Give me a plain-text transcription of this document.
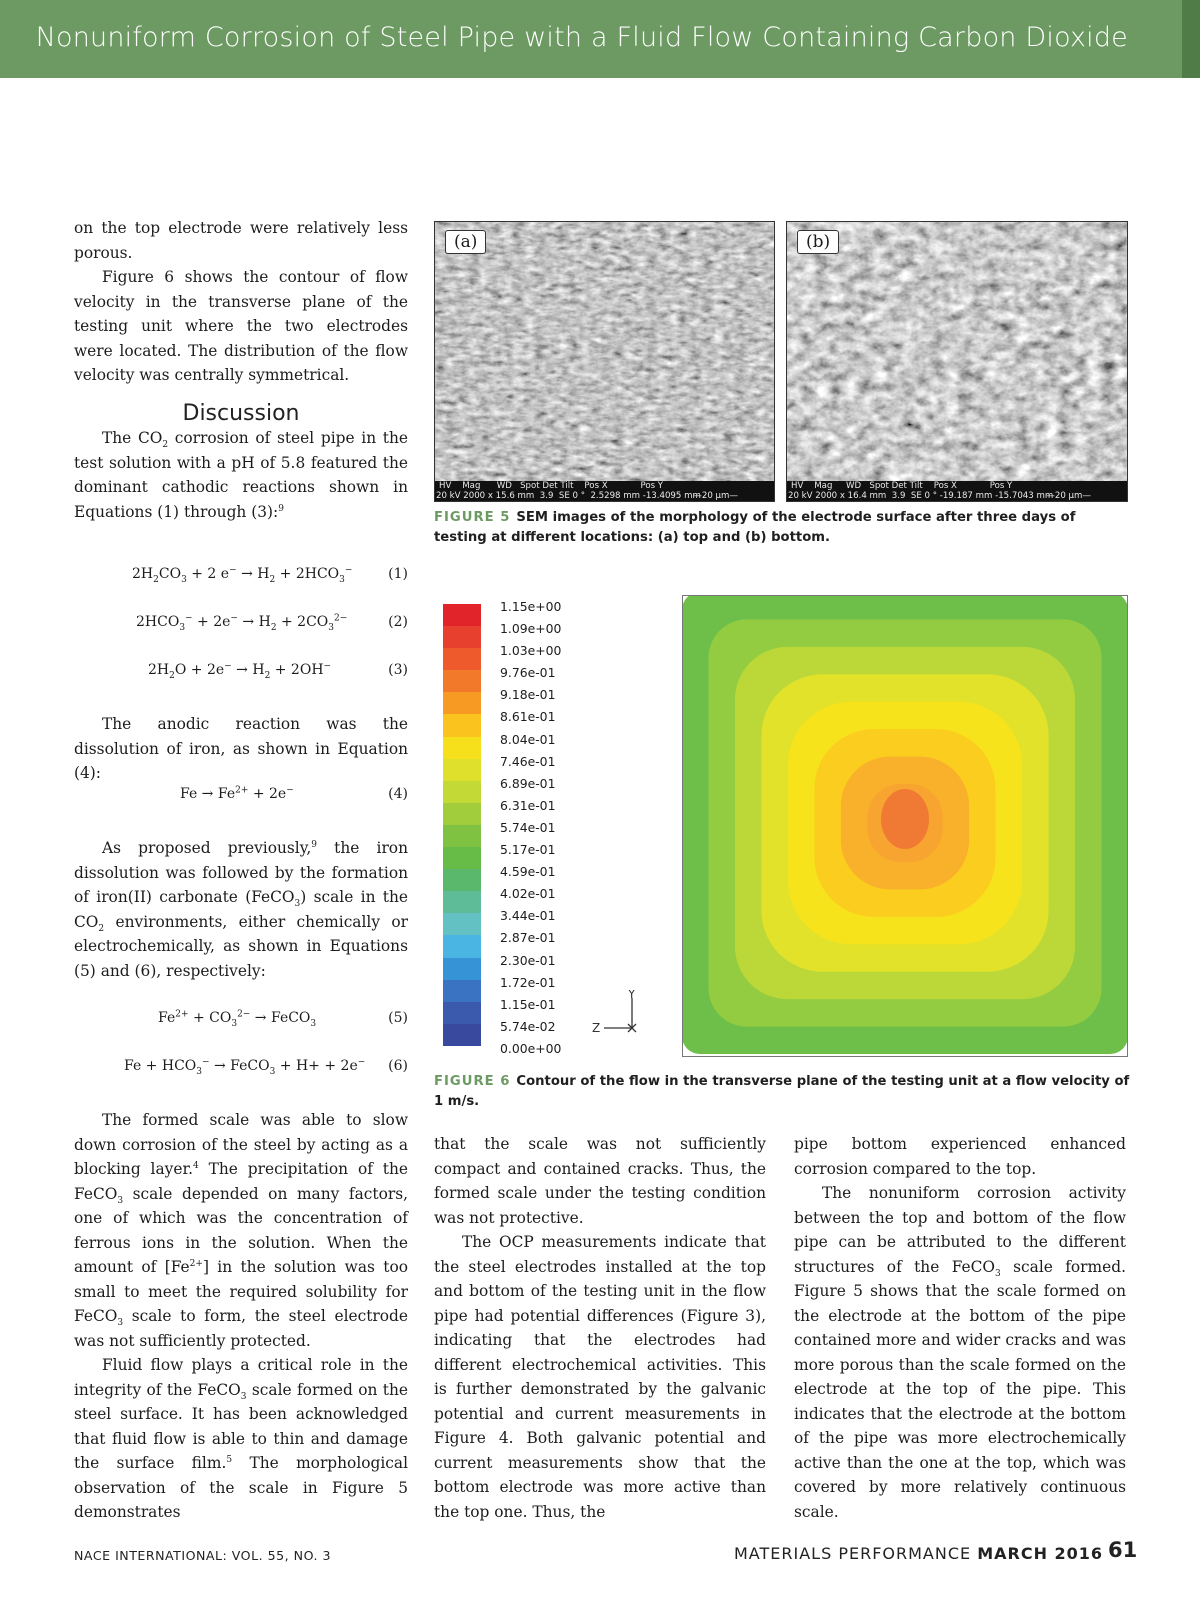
Nonuniform Corrosion of Steel Pipe with a Fluid Flow Containing Carbon Dioxide

on the top electrode were relatively less porous.

Figure 6 shows the contour of flow velocity in the transverse plane of the testing unit where the two electrodes were located. The distribution of the flow velocity was centrally symmetrical.

Discussion

The $CO_2$ corrosion of steel pipe in the test solution with a pH of 5.8 featured the dominant cathodic reactions shown in Equations (1) through (3):$^9$

$2H_2CO_3 + 2$ $e^- \to H_2 + 2HCO_3^-$	(1)
$2HCO_3^- + 2e^- \to H_2 + 2CO_3^{2-}$	(2)
$2H_2O + 2e^- \to H_2 + 2OH^-$	(3)

The anodic reaction was the dissolution of iron, as shown in Equation (4):

$Fe \to Fe^{2+} + 2e^-$	(4)

As proposed previously,$^9$ the iron dissolution was followed by the formation of iron(II) carbonate (FeCO$_3$) scale in the $CO_2$ environments, either chemically or electrochemically, as shown in Equations (5) and (6), respectively:

$Fe^{2+} + CO_3^{2-}$ → FeCO$_3$	(5)
$Fe + HCO_3^-$ → FeCO$_3$ + H+ + 2e− (6)

The formed scale was able to slow down corrosion of the steel by acting as a blocking layer.$^4$ The precipitation of the FeCO$_3$ scale depended on many factors, one of which was the concentration of ferrous ions in the solution. When the amount of $[Fe^{2+}]$ in the solution was too small to meet the required solubility for FeCO$_3$ scale to form, the steel electrode was not sufficiently protected.

Fluid flow plays a critical role in the integrity of the FeCO$_3$ scale formed on the steel surface. It has been acknowledged that fluid flow is able to thin and damage the surface film.$^5$ The morphological observation of the scale in Figure 5 demonstrates

that the scale was not sufficiently compact and contained cracks. Thus, the formed scale under the testing condition was not protective.

The OCP measurements indicate that the steel electrodes installed at the top and bottom of the testing unit in the flow pipe had potential differences (Figure 3), indicating that the electrodes had different electrochemical activities. This is further demonstrated by the galvanic potential and current measurements in Figure 4. Both galvanic potential and current measurements show that the bottom electrode was more active than the top one. Thus, the

pipe bottom experienced enhanced corrosion compared to the top.

The nonuniform corrosion activity between the top and bottom of the flow pipe can be attributed to the different structures of the FeCO$_3$ scale formed. Figure 5 shows that the scale formed on the electrode at the bottom of the pipe contained more and wider cracks and was more porous than the scale formed on the electrode at the top of the pipe. This indicates that the electrode at the bottom of the pipe was more electrochemically active than the one at the top, which was covered by more relatively continuous scale.

(a)
HV    Mag      WD   Spot Det Tilt    Pos X            Pos Y
20 kV 2000 x 15.6 mm  3.9  SE 0 °  2.5298 mm -13.4095 mm
—20 μm—
(b)
HV    Mag     WD   Spot Det Tilt    Pos X            Pos Y
20 kV 2000 x 16.4 mm  3.9  SE 0 ° -19.187 mm -15.7043 mm
—20 μm—
FIGURE 5 SEM images of the morphology of the electrode surface after three days of testing at different locations: (a) top and (b) bottom.
1.15e+00
1.09e+00
1.03e+00
9.76e-01
9.18e-01
8.61e-01
8.04e-01
7.46e-01
6.89e-01
6.31e-01
5.74e-01
5.17e-01
4.59e-01
4.02e-01
3.44e-01
2.87e-01
2.30e-01
1.72e-01
1.15e-01
5.74e-02
0.00e+00
Y
Z
FIGURE 6 Contour of the flow in the transverse plane of the testing unit at a flow velocity of 1 m/s.
NACE INTERNATIONAL: VOL. 55, NO. 3	MATERIALS PERFORMANCE MARCH 2016 61
